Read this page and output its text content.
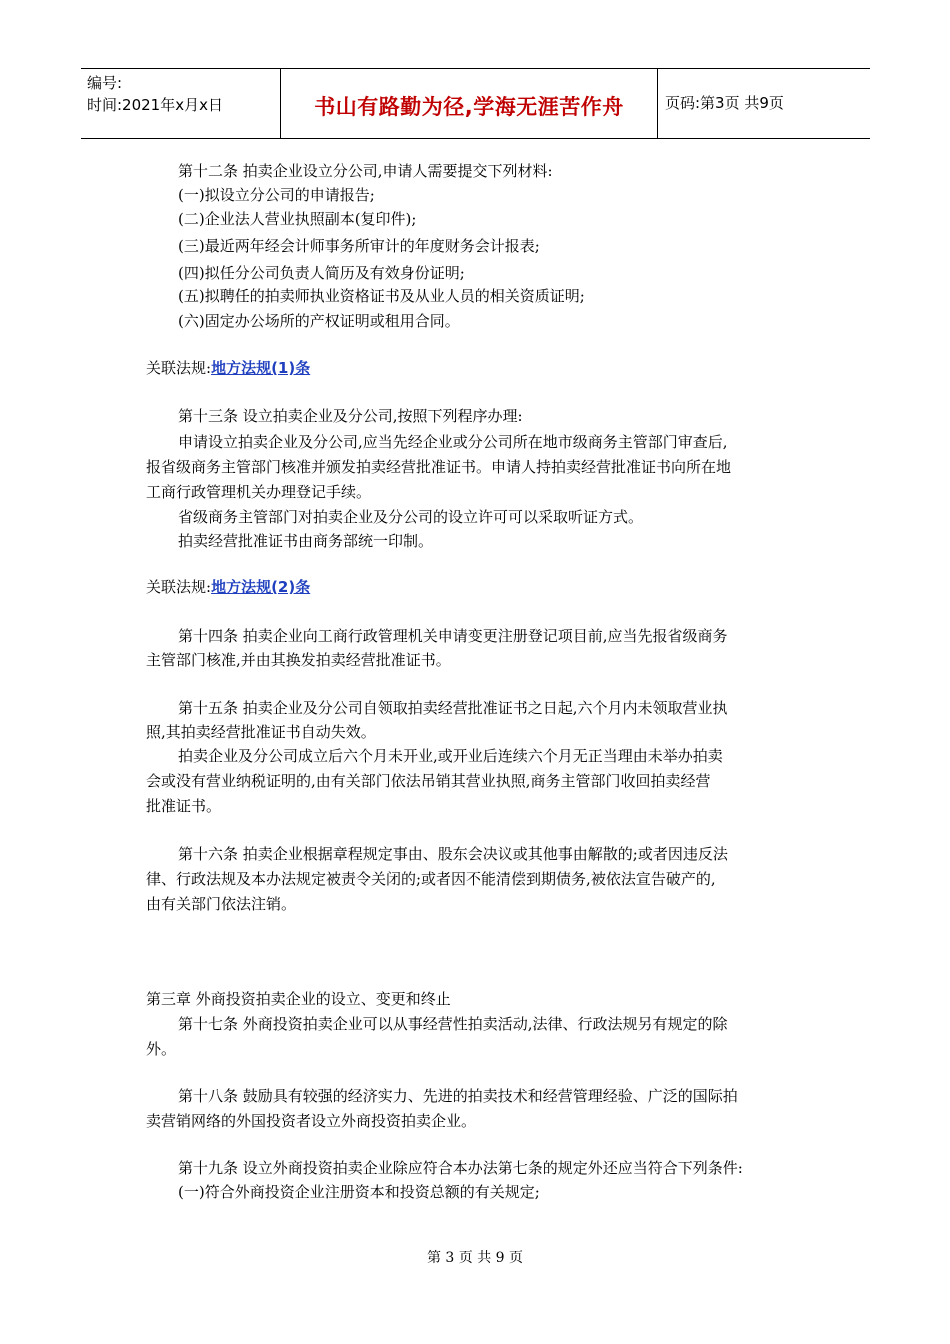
编号:
时间:2021年x月x日	书山有路勤为径,学海无涯苦作舟	页码:第3页 共9页
第十二条 拍卖企业设立分公司,申请人需要提交下列材料:
(一)拟设立分公司的申请报告;
(二)企业法人营业执照副本(复印件);
(三)最近两年经会计师事务所审计的年度财务会计报表;
(四)拟任分公司负责人简历及有效身份证明;
(五)拟聘任的拍卖师执业资格证书及从业人员的相关资质证明;
(六)固定办公场所的产权证明或租用合同。
关联法规:地方法规(1)条
第十三条 设立拍卖企业及分公司,按照下列程序办理:
申请设立拍卖企业及分公司,应当先经企业或分公司所在地市级商务主管部门审查后,
报省级商务主管部门核准并颁发拍卖经营批准证书。申请人持拍卖经营批准证书向所在地
工商行政管理机关办理登记手续。
省级商务主管部门对拍卖企业及分公司的设立许可可以采取听证方式。
拍卖经营批准证书由商务部统一印制。
关联法规:地方法规(2)条
第十四条 拍卖企业向工商行政管理机关申请变更注册登记项目前,应当先报省级商务
主管部门核准,并由其换发拍卖经营批准证书。
第十五条 拍卖企业及分公司自领取拍卖经营批准证书之日起,六个月内未领取营业执
照,其拍卖经营批准证书自动失效。
拍卖企业及分公司成立后六个月未开业,或开业后连续六个月无正当理由未举办拍卖
会或没有营业纳税证明的,由有关部门依法吊销其营业执照,商务主管部门收回拍卖经营
批准证书。
第十六条 拍卖企业根据章程规定事由、股东会决议或其他事由解散的;或者因违反法
律、行政法规及本办法规定被责令关闭的;或者因不能清偿到期债务,被依法宣告破产的,
由有关部门依法注销。
第三章 外商投资拍卖企业的设立、变更和终止
第十七条 外商投资拍卖企业可以从事经营性拍卖活动,法律、行政法规另有规定的除
外。
第十八条 鼓励具有较强的经济实力、先进的拍卖技术和经营管理经验、广泛的国际拍
卖营销网络的外国投资者设立外商投资拍卖企业。
第十九条 设立外商投资拍卖企业除应符合本办法第七条的规定外还应当符合下列条件:
(一)符合外商投资企业注册资本和投资总额的有关规定;
第 3 页 共 9 页
